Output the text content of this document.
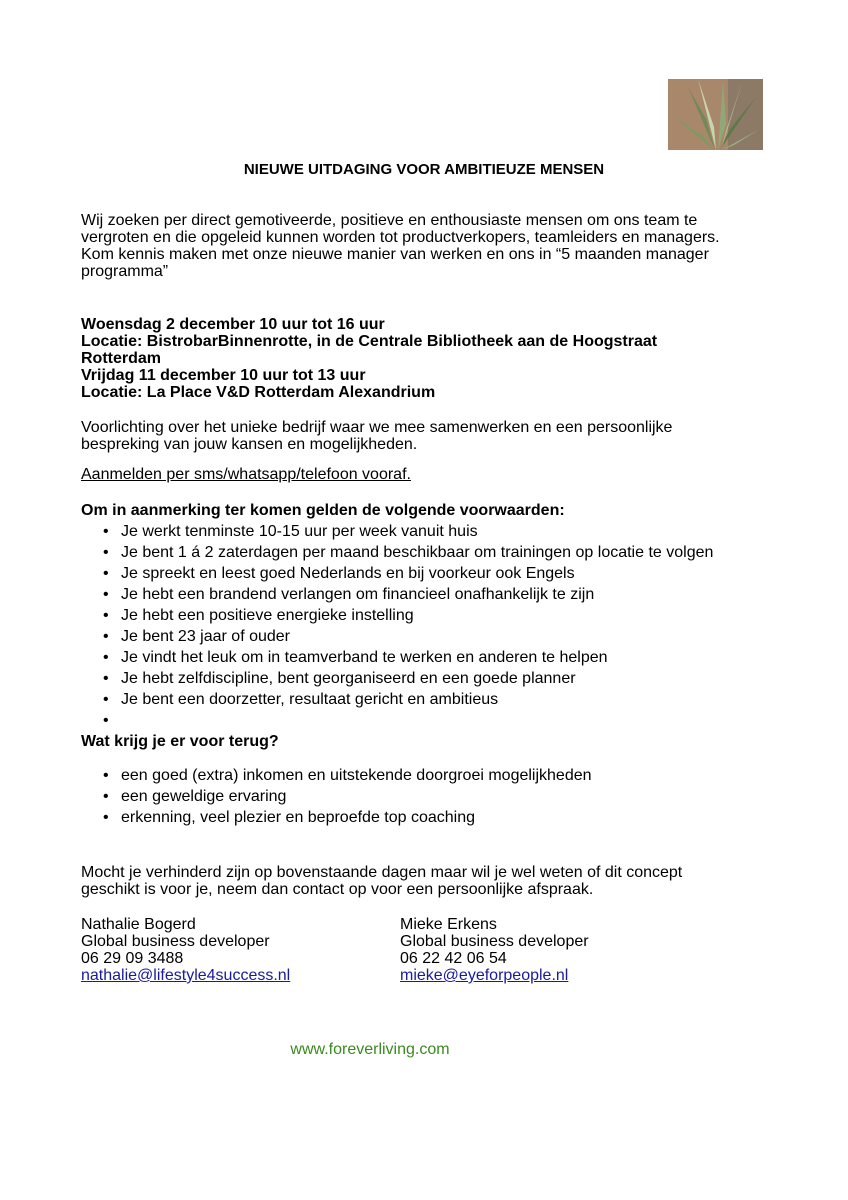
NIEUWE UITDAGING VOOR AMBITIEUZE MENSEN

Wij zoeken per direct gemotiveerde, positieve en enthousiaste mensen om ons team te
vergroten en die opgeleid kunnen worden tot productverkopers, teamleiders en managers.
Kom kennis maken met onze nieuwe manier van werken en ons in “5 maanden manager
programma”

Woensdag 2 december 10 uur tot 16 uur
Locatie: BistrobarBinnenrotte, in de Centrale Bibliotheek aan de Hoogstraat
Rotterdam
Vrijdag 11 december 10 uur tot 13 uur
Locatie: La Place V&D Rotterdam Alexandrium

Voorlichting over het unieke bedrijf waar we mee samenwerken en een persoonlijke
bespreking van jouw kansen en mogelijkheden.

Aanmelden per sms/whatsapp/telefoon vooraf.

Om in aanmerking ter komen gelden de volgende voorwaarden:

• Je werkt tenminste 10-15 uur per week vanuit huis
• Je bent 1 á 2 zaterdagen per maand beschikbaar om trainingen op locatie te volgen
• Je spreekt en leest goed Nederlands en bij voorkeur ook Engels
• Je hebt een brandend verlangen om financieel onafhankelijk te zijn
• Je hebt een positieve energieke instelling
• Je bent 23 jaar of ouder
• Je vindt het leuk om in teamverband te werken en anderen te helpen
• Je hebt zelfdiscipline, bent georganiseerd en een goede planner
• Je bent een doorzetter, resultaat gericht en ambitieus
•

Wat krijg je er voor terug?

• een goed (extra) inkomen en uitstekende doorgroei mogelijkheden
• een geweldige ervaring
• erkenning, veel plezier en beproefde top coaching

Mocht je verhinderd zijn op bovenstaande dagen maar wil je wel weten of dit concept
geschikt is voor je, neem dan contact op voor een persoonlijke afspraak.

Nathalie Bogerd
Global business developer
06 29 09 3488
nathalie@lifestyle4success.nl
Mieke Erkens
Global business developer
06 22 42 06 54
mieke@eyeforpeople.nl
www.foreverliving.com
